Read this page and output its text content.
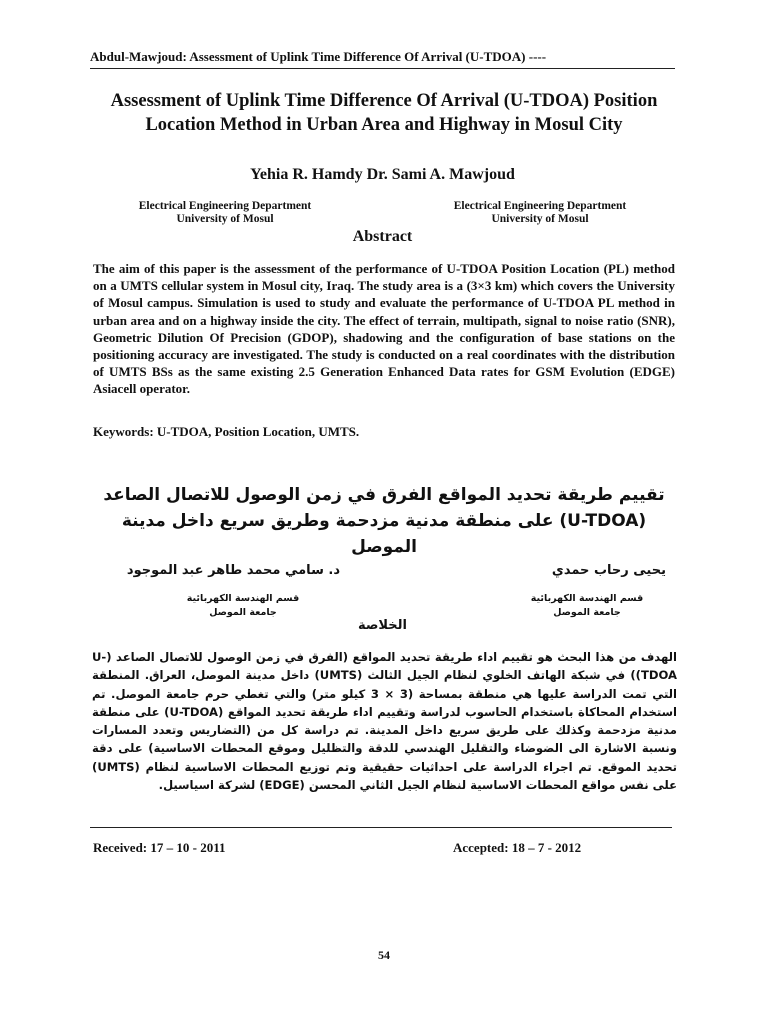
Abdul-Mawjoud: Assessment of Uplink Time Difference Of Arrival (U-TDOA) ----
Assessment of Uplink Time Difference Of Arrival (U-TDOA) Position Location Method in Urban Area and Highway in Mosul City
Yehia R. Hamdy Dr. Sami A. Mawjoud
Electrical Engineering Department
University of Mosul
Electrical Engineering Department
University of Mosul
Abstract
The aim of this paper is the assessment of the performance of U-TDOA Position Location (PL) method on a UMTS cellular system in Mosul city, Iraq. The study area is a (3×3 km) which covers the University of Mosul campus. Simulation is used to study and evaluate the performance of U-TDOA PL method in urban area and on a highway inside the city. The effect of terrain, multipath, signal to noise ratio (SNR), Geometric Dilution Of Precision (GDOP), shadowing and the configuration of base stations on the positioning accuracy are investigated. The study is conducted on a real coordinates with the distribution of UMTS BSs as the same existing 2.5 Generation Enhanced Data rates for GSM Evolution (EDGE) Asiacell operator.
Keywords: U-TDOA, Position Location, UMTS.
تقييم طريقة تحديد المواقع الفرق في زمن الوصول للاتصال الصاعد (U-TDOA) على منطقة مدنية مزدحمة وطريق سريع داخل مدينة الموصل
يحيى رحاب حمدي
د. سامي محمد طاهر عبد الموجود
قسم الهندسة الكهربائية
جامعة الموصل
قسم الهندسة الكهربائية
جامعة الموصل
الخلاصة
الهدف من هذا البحث هو تقييم اداء طريقة تحديد المواقع (الفرق في زمن الوصول للاتصال الصاعد (U-TDOA)) في شبكة الهاتف الخلوي لنظام الجيل الثالث (UMTS) داخل مدينة الموصل، العراق. المنطقة التي تمت الدراسة عليها هي منطقة بمساحة (3 × 3 كيلو متر) والتي تغطي حرم جامعة الموصل. تم استخدام المحاكاة باستخدام الحاسوب لدراسة وتقييم اداء طريقة تحديد المواقع (U-TDOA) على منطقة مدنية مزدحمة وكذلك على طريق سريع داخل المدينة. تم دراسة كل من (التضاريس وتعدد المسارات ونسبة الاشارة الى الضوضاء والتقليل الهندسي للدقة والتظليل وموقع المحطات الاساسية) على دقة تحديد الموقع. تم اجراء الدراسة على احداثيات حقيقية وتم توزيع المحطات الاساسية لنظام (UMTS) على نفس مواقع المحطات الاساسية لنظام الجيل الثاني المحسن (EDGE) لشركة اسياسيل.
Received: 17 – 10 - 2011	Accepted: 18 – 7 - 2012
54
